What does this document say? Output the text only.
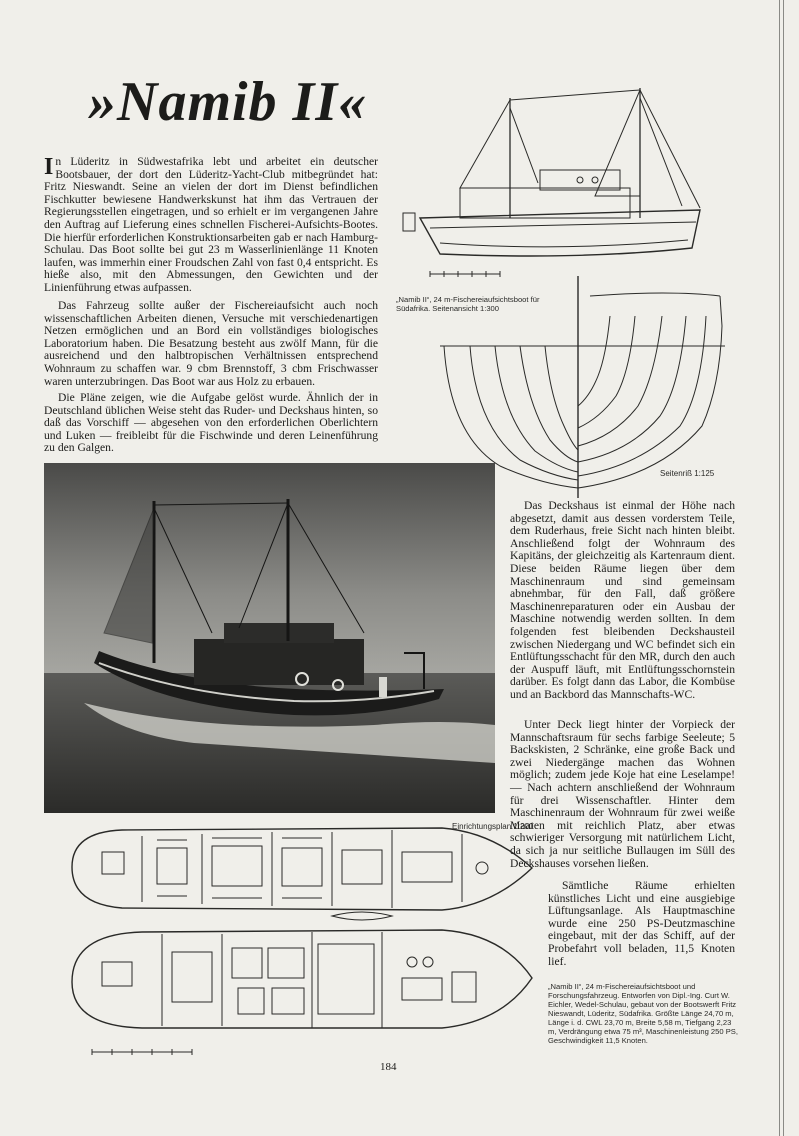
»Namib II«

In Lüderitz in Südwestafrika lebt und arbeitet ein deutscher Bootsbauer, der dort den Lüderitz-Yacht-Club mitbegründet hat: Fritz Nieswandt. Seine an vielen der dort im Dienst befindlichen Fischkutter bewiesene Handwerkskunst hat ihm das Vertrauen der Regierungsstellen eingetragen, und so erhielt er im vergangenen Jahre den Auftrag auf Lieferung eines schnellen Fischerei-Aufsichts-Bootes. Die hierfür erforderlichen Konstruktionsarbeiten gab er nach Hamburg-Schulau. Das Boot sollte bei gut 23 m Wasserlinienlänge 11 Knoten laufen, was immerhin einer Froudschen Zahl von fast 0,4 entspricht. Es hieße also, mit den Abmessungen, den Gewichten und der Linienführung etwas aufpassen.

Das Fahrzeug sollte außer der Fischereiaufsicht auch noch wissenschaftlichen Arbeiten dienen, Versuche mit verschiedenartigen Netzen ermöglichen und an Bord ein vollständiges biologisches Laboratorium haben. Die Besatzung besteht aus zwölf Mann, für die ausreichend und den halbtropischen Verhältnissen entsprechend Wohnraum zu schaffen war. 9 cbm Brennstoff, 3 cbm Frischwasser waren unterzubringen. Das Boot war aus Holz zu erbauen.

Die Pläne zeigen, wie die Aufgabe gelöst wurde. Ähnlich der in Deutschland üblichen Weise steht das Ruder- und Deckshaus hinten, so daß das Vorschiff — abgesehen von den erforderlichen Oberlichtern und Luken — freibleibt für die Fischwinde und deren Leinenführung zu den Galgen.

„Namib II“, 24 m-Fischereiaufsichtsboot für Südafrika. Seitenansicht 1:300

Seitenriß 1:125

Das Deckshaus ist einmal der Höhe nach abgesetzt, damit aus dessen vorderstem Teile, dem Ruderhaus, freie Sicht nach hinten bleibt. Anschließend folgt der Wohnraum des Kapitäns, der gleichzeitig als Kartenraum dient. Diese beiden Räume liegen über dem Maschinenraum und sind gemeinsam abnehmbar, für den Fall, daß größere Maschinenreparaturen oder ein Ausbau der Maschine notwendig werden sollten. In dem folgenden fest bleibenden Deckshausteil zwischen Niedergang und WC befindet sich ein Entlüftungsschacht für den MR, durch den auch der Auspuff läuft, mit Entlüftungsschornstein darüber. Es folgt dann das Labor, die Kombüse und an Backbord das Mannschafts-WC.

Unter Deck liegt hinter der Vorpieck der Mannschaftsraum für sechs farbige Seeleute; 5 Backskisten, 2 Schränke, eine große Back und zwei Niedergänge machen das Wohnen möglich; zudem jede Koje hat eine Leselampe! — Nach achtern anschließend der Wohnraum für drei Wissenschaftler. Hinter dem Maschinenraum der Wohnraum für zwei weiße Maaten mit reichlich Platz, aber etwas schwieriger Versorgung mit natürlichem Licht, da sich ja nur seitliche Bullaugen im Süll des Deckshauses vorsehen ließen.

Sämtliche Räume erhielten künstliches Licht und eine ausgiebige Lüftungsanlage. Als Hauptmaschine wurde eine 250 PS-Deutzmaschine eingebaut, mit der das Schiff, auf der Probefahrt voll beladen, 11,5 Knoten lief.

Einrichtungsplan 1:200

„Namib II“, 24 m-Fischereiaufsichtsboot und Forschungsfahrzeug. Entworfen von Dipl.-Ing. Curt W. Eichler, Wedel-Schulau, gebaut von der Bootswerft Fritz Nieswandt, Lüderitz, Südafrika. Größte Länge 24,70 m, Länge i. d. CWL 23,70 m, Breite 5,58 m, Tiefgang 2,23 m, Verdrängung etwa 75 m³, Maschinenleistung 250 PS, Geschwindigkeit 11,5 Knoten.

184
